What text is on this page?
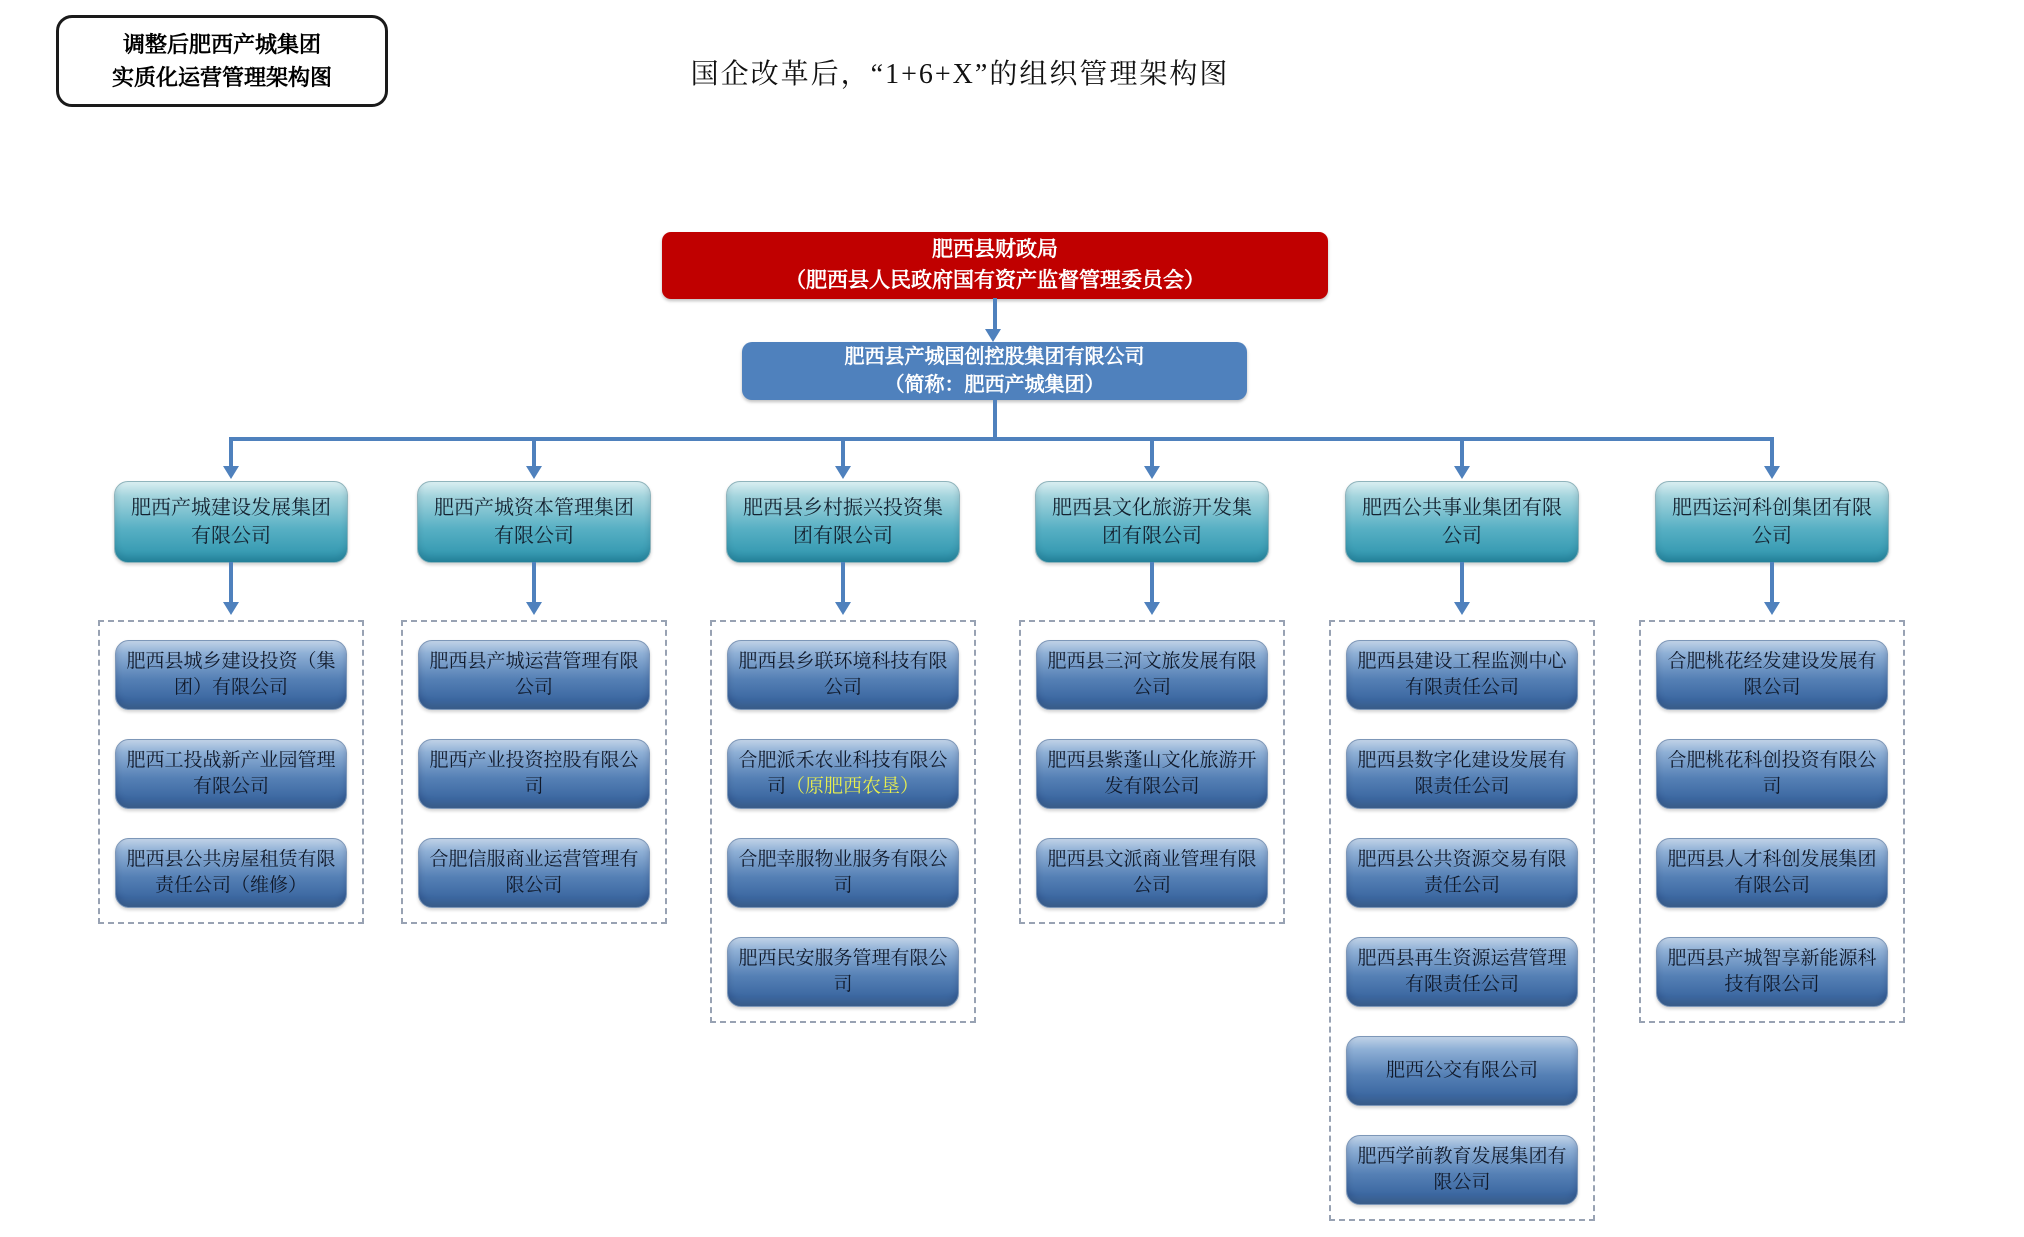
调整后肥西产城集团
实质化运营管理架构图	国企改革后，“1+6+X”的组织管理架构图
肥西县财政局
（肥西县人民政府国有资产监督管理委员会）
肥西县产城国创控股集团有限公司
（简称：肥西产城集团）
肥西产城建设发展集团有限公司
肥西产城资本管理集团有限公司
肥西县乡村振兴投资集团有限公司
肥西县文化旅游开发集团有限公司
肥西公共事业集团有限公司
肥西运河科创集团有限公司
肥西县城乡建设投资（集团）有限公司
肥西工投战新产业园管理有限公司
肥西县公共房屋租赁有限责任公司（维修）
肥西县产城运营管理有限公司
肥西产业投资控股有限公司
合肥信服商业运营管理有限公司
肥西县乡联环境科技有限公司
合肥派禾农业科技有限公司（原肥西农垦）
合肥幸服物业服务有限公司
肥西民安服务管理有限公司
肥西县三河文旅发展有限公司
肥西县紫蓬山文化旅游开发有限公司
肥西县文派商业管理有限公司
肥西县建设工程监测中心有限责任公司
肥西县数字化建设发展有限责任公司
肥西县公共资源交易有限责任公司
肥西县再生资源运营管理有限责任公司
肥西公交有限公司
肥西学前教育发展集团有限公司
合肥桃花经发建设发展有限公司
合肥桃花科创投资有限公司
肥西县人才科创发展集团有限公司
肥西县产城智享新能源科技有限公司
